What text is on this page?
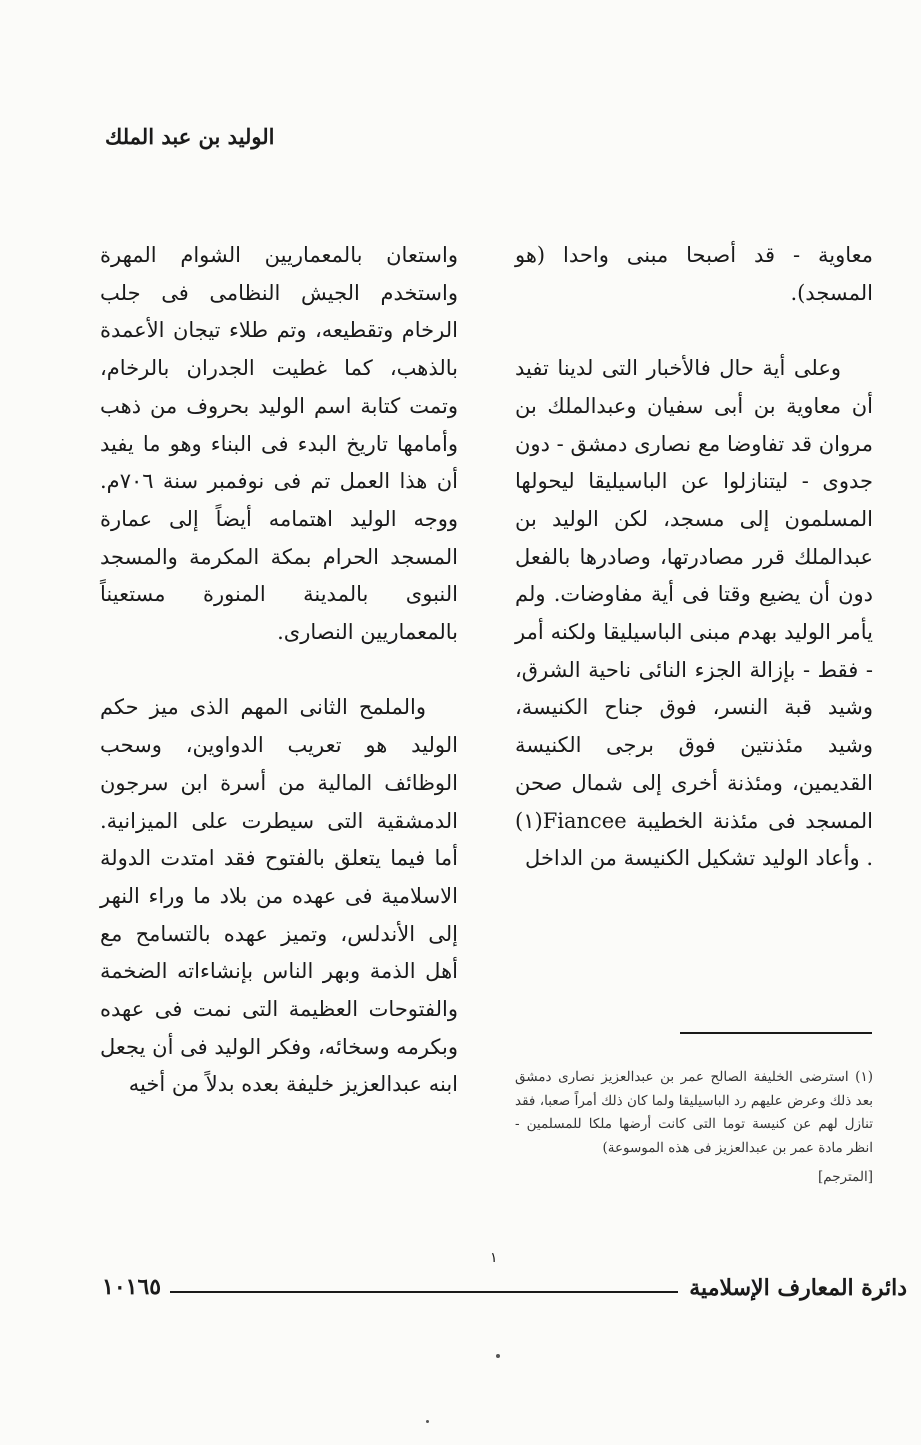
الوليد بن عبد الملك

معاوية - قد أصبحا مبنى واحدا (هو المسجد).

وعلى أية حال فالأخبار التى لدينا تفيد أن معاوية بن أبى سفيان وعبدالملك بن مروان قد تفاوضا مع نصارى دمشق - دون جدوى - ليتنازلوا عن الباسيليقا ليحولها المسلمون إلى مسجد، لكن الوليد بن عبدالملك قرر مصادرتها، وصادرها بالفعل دون أن يضيع وقتا فى أية مفاوضات. ولم يأمر الوليد بهدم مبنى الباسيليقا ولكنه أمر - فقط - بإزالة الجزء النائى ناحية الشرق، وشيد قبة النسر، فوق جناح الكنيسة، وشيد مئذنتين فوق برجى الكنيسة القديمين، ومئذنة أخرى إلى شمال صحن المسجد فى مئذنة الخطيبة Fiancee(١) . وأعاد الوليد تشكيل الكنيسة من الداخل

واستعان بالمعماريين الشوام المهرة واستخدم الجيش النظامى فى جلب الرخام وتقطيعه، وتم طلاء تيجان الأعمدة بالذهب، كما غطيت الجدران بالرخام، وتمت كتابة اسم الوليد بحروف من ذهب وأمامها تاريخ البدء فى البناء وهو ما يفيد أن هذا العمل تم فى نوفمبر سنة ٧٠٦م. ووجه الوليد اهتمامه أيضاً إلى عمارة المسجد الحرام بمكة المكرمة والمسجد النبوى بالمدينة المنورة مستعيناً بالمعماريين النصارى.

والملمح الثانى المهم الذى ميز حكم الوليد هو تعريب الدواوين، وسحب الوظائف المالية من أسرة ابن سرجون الدمشقية التى سيطرت على الميزانية. أما فيما يتعلق بالفتوح فقد امتدت الدولة الاسلامية فى عهده من بلاد ما وراء النهر إلى الأندلس، وتميز عهده بالتسامح مع أهل الذمة وبهر الناس بإنشاءاته الضخمة والفتوحات العظيمة التى نمت فى عهده وبكرمه وسخائه، وفكر الوليد فى أن يجعل ابنه عبدالعزيز خليفة بعده بدلاً من أخيه	(١) استرضى الخليفة الصالح عمر بن عبدالعزيز نصارى دمشق بعد ذلك وعرض عليهم رد الباسيليقا ولما كان ذلك أمراً صعبا، فقد تنازل لهم عن كنيسة توما التى كانت أرضها ملكا للمسلمين - انظر مادة عمر بن عبدالعزيز فى هذه الموسوعة)
[المترجم]
١
دائرة المعارف الإسلامية
١٠١٦٥
